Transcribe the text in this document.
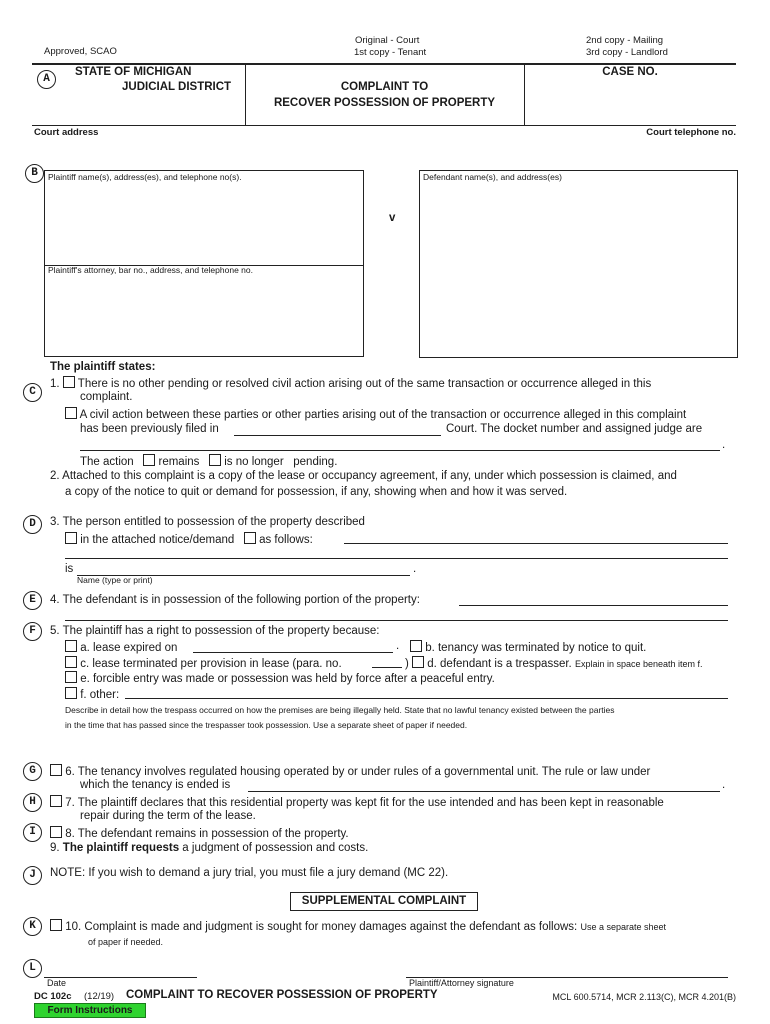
Approved, SCAO
Original - Court
1st copy - Tenant
2nd copy - Mailing
3rd copy - Landlord
A
STATE OF MICHIGAN
JUDICIAL DISTRICT	COMPLAINT TO
RECOVER POSSESSION OF PROPERTY
CASE NO.
Court address	Court telephone no.
B	Plaintiff name(s), address(es), and telephone no(s).
Plaintiff's attorney, bar no., address, and telephone no.
v
Defendant name(s), and address(es)
The plaintiff states:
C
1. There is no other pending or resolved civil action arising out of the same transaction or occurrence alleged in this
complaint.
A civil action between these parties or other parties arising out of the transaction or occurrence alleged in this complaint
has been previously filed in	Court. The docket number and assigned judge are
.
The action remains is no longer pending.
2. Attached to this complaint is a copy of the lease or occupancy agreement, if any, under which possession is claimed, and
a copy of the notice to quit or demand for possession, if any, showing when and how it was served.
D	3. The person entitled to possession of the property described
in the attached notice/demand as follows:
is	.
Name (type or print)
E	4. The defendant is in possession of the following portion of the property:
F	5. The plaintiff has a right to possession of the property because:
a. lease expired on	.	b. tenancy was terminated by notice to quit.
c. lease terminated per provision in lease (para. no.	) d. defendant is a trespasser. Explain in space beneath item f.
e. forcible entry was made or possession was held by force after a peaceful entry.
f. other:
Describe in detail how the trespass occurred on how the premises are being illegally held. State that no lawful tenancy existed between the parties
in the time that has passed since the trespasser took possession. Use a separate sheet of paper if needed.
G	6. The tenancy involves regulated housing operated by or under rules of a governmental unit. The rule or law under
which the tenancy is ended is	.
H	7. The plaintiff declares that this residential property was kept fit for the use intended and has been kept in reasonable
repair during the term of the lease.
I	8. The defendant remains in possession of the property.
9. The plaintiff requests a judgment of possession and costs.
J	NOTE: If you wish to demand a jury trial, you must file a jury demand (MC 22).
SUPPLEMENTAL COMPLAINT
K	10. Complaint is made and judgment is sought for money damages against the defendant as follows: Use a separate sheet
of paper if needed.
L
Date	Plaintiff/Attorney signature
DC 102c (12/19) COMPLAINT TO RECOVER POSSESSION OF PROPERTY	MCL 600.5714, MCR 2.113(C), MCR 4.201(B)
Form Instructions
